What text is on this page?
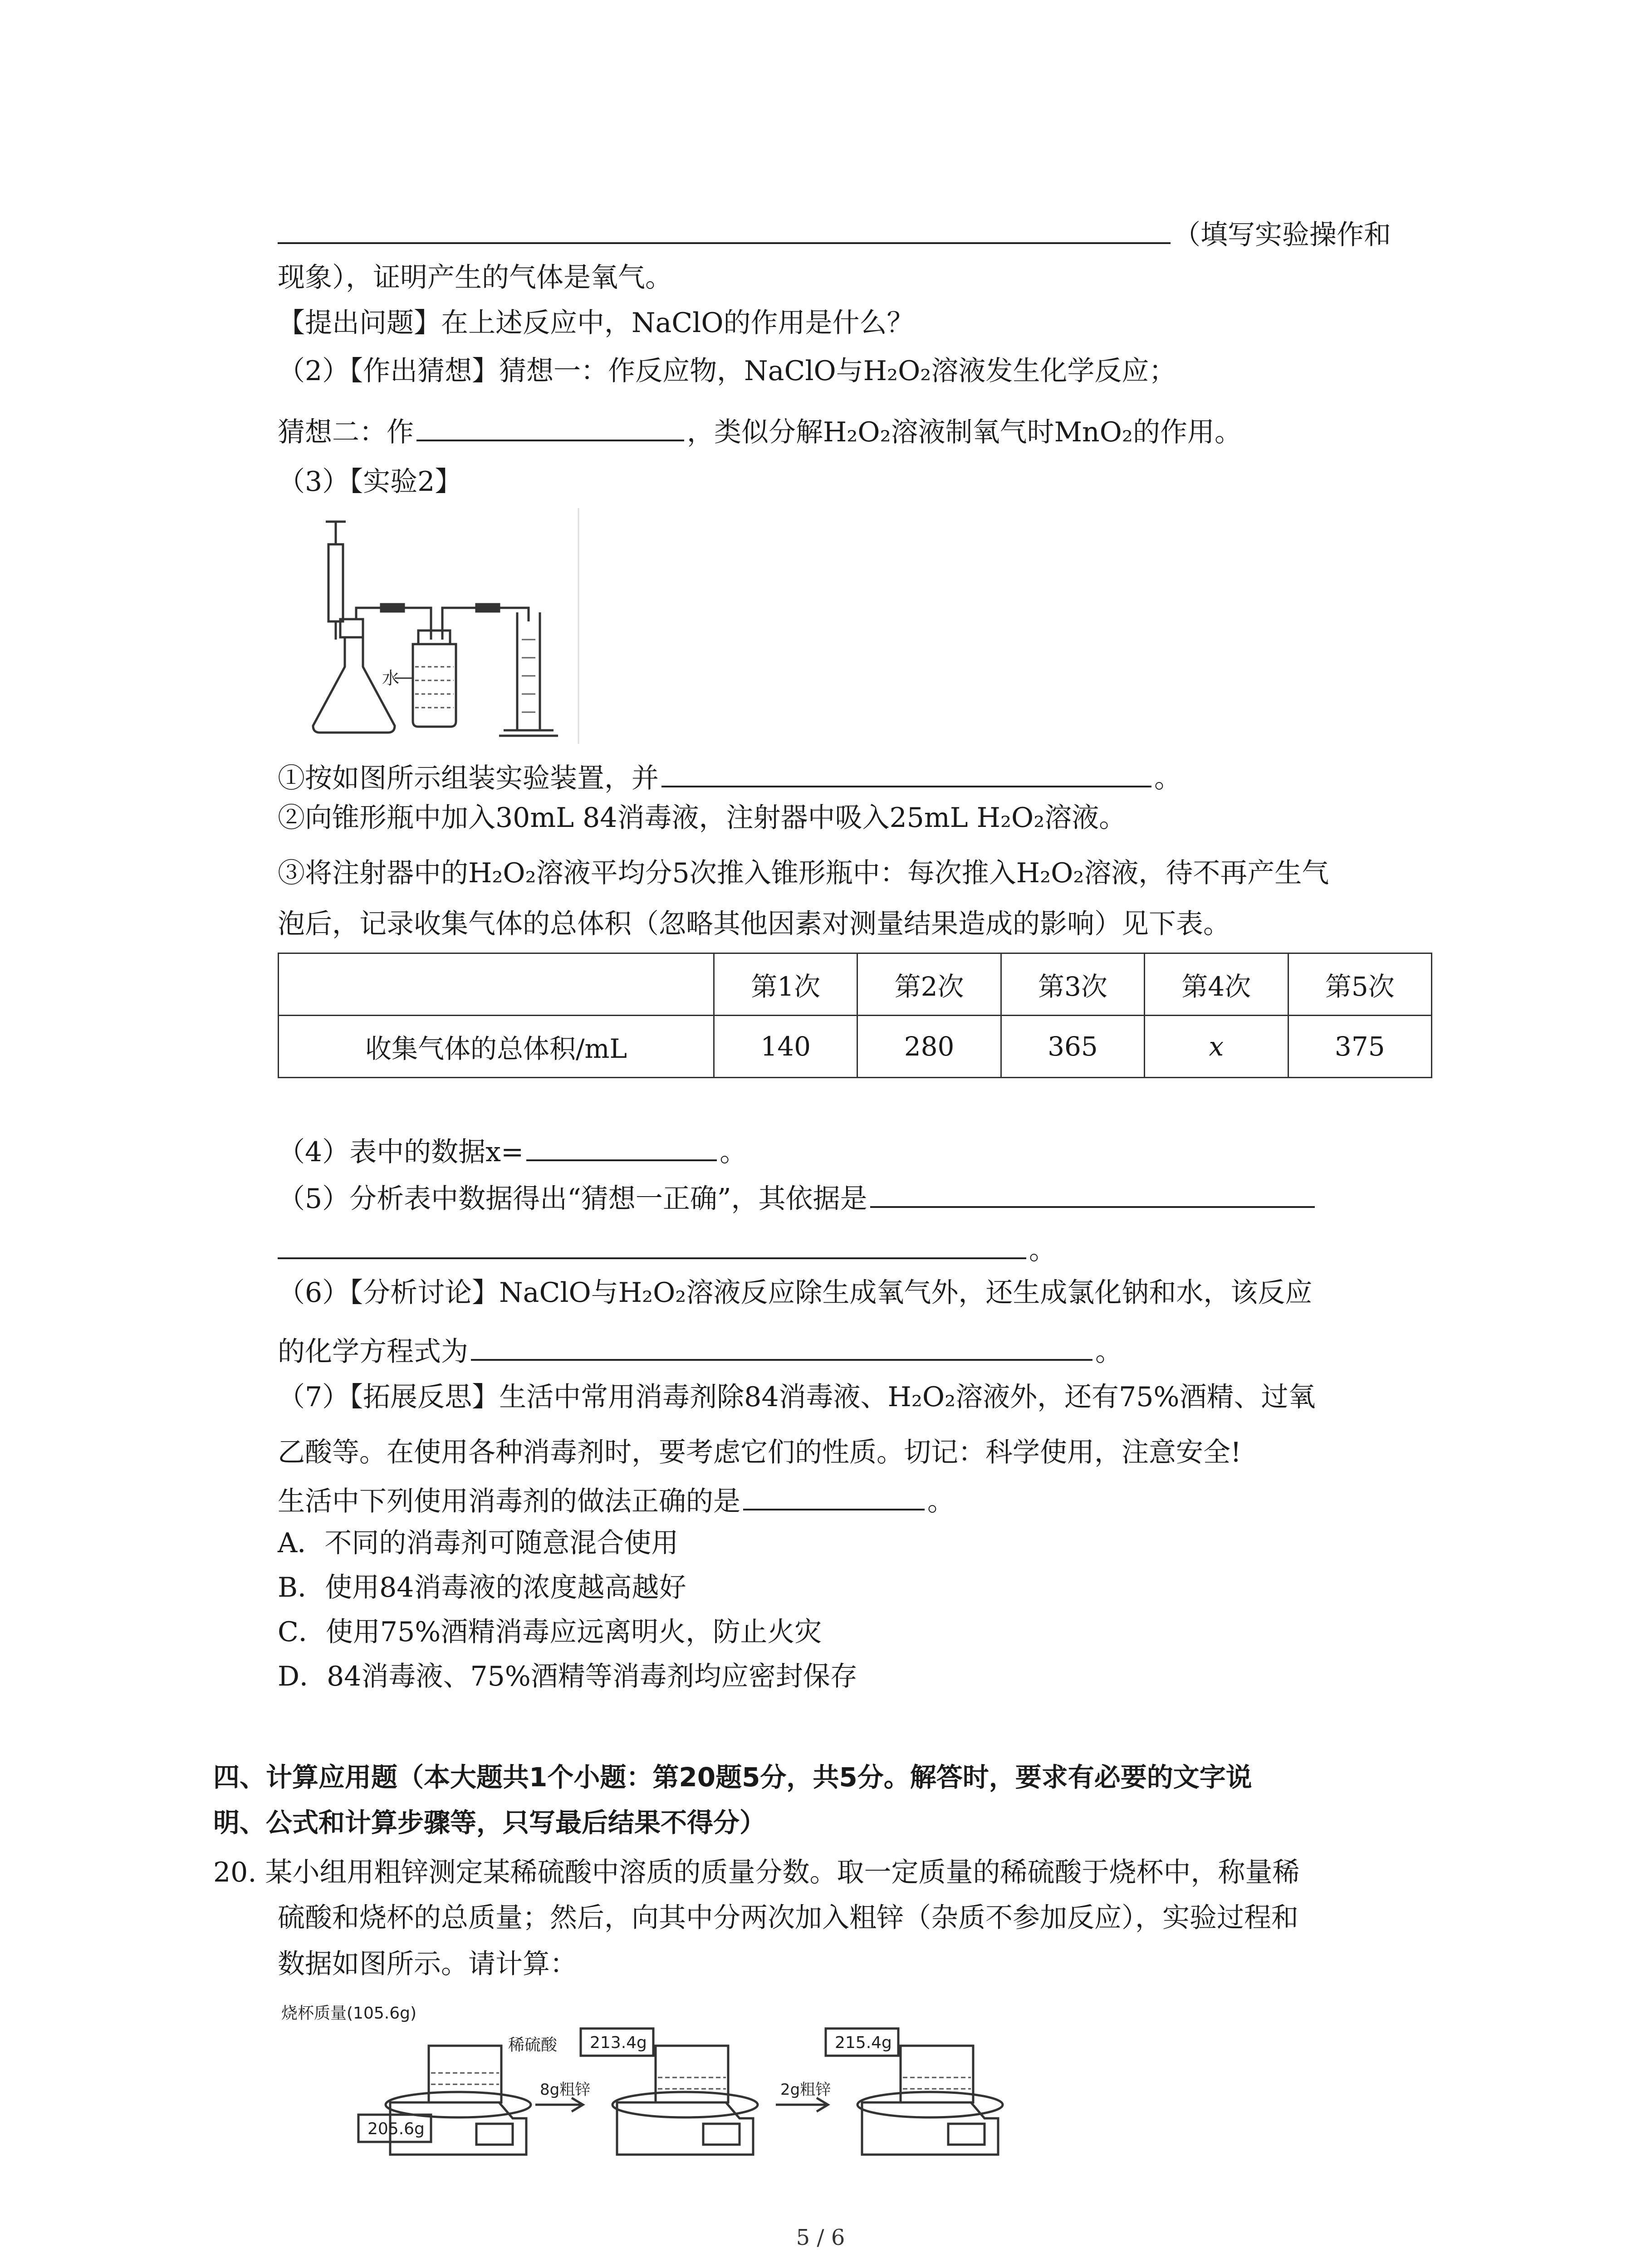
（填写实验操作和
现象），证明产生的气体是氧气。
【提出问题】在上述反应中，NaClO的作用是什么？
（2）【作出猜想】猜想一：作反应物，NaClO与H₂O₂溶液发生化学反应；
猜想二：作	，类似分解H₂O₂溶液制氧气时MnO₂的作用。
（3）【实验2】
水
①按如图所示组装实验装置，并	。
②向锥形瓶中加入30mL 84消毒液，注射器中吸入25mL H₂O₂溶液。
③将注射器中的H₂O₂溶液平均分5次推入锥形瓶中：每次推入H₂O₂溶液，待不再产生气
泡后，记录收集气体的总体积（忽略其他因素对测量结果造成的影响）见下表。
	第1次	第2次	第3次	第4次	第5次
收集气体的总体积/mL	140	280	365	x	375
（4）表中的数据x=	。
（5）分析表中数据得出“猜想一正确”，其依据是
。
（6）【分析讨论】NaClO与H₂O₂溶液反应除生成氧气外，还生成氯化钠和水，该反应
的化学方程式为	。
（7）【拓展反思】生活中常用消毒剂除84消毒液、H₂O₂溶液外，还有75%酒精、过氧
乙酸等。在使用各种消毒剂时，要考虑它们的性质。切记：科学使用，注意安全!
生活中下列使用消毒剂的做法正确的是	。
A．不同的消毒剂可随意混合使用
B．使用84消毒液的浓度越高越好
C．使用75%酒精消毒应远离明火，防止火灾
D．84消毒液、75%酒精等消毒剂均应密封保存
四、计算应用题（本大题共1个小题：第20题5分，共5分。解答时，要求有必要的文字说
明、公式和计算步骤等，只写最后结果不得分）
20. 某小组用粗锌测定某稀硫酸中溶质的质量分数。取一定质量的稀硫酸于烧杯中，称量稀
硫酸和烧杯的总质量；然后，向其中分两次加入粗锌（杂质不参加反应），实验过程和
数据如图所示。请计算：
烧杯质量(105.6g)
稀硫酸
205.6g
8g粗锌
213.4g
2g粗锌
215.4g
5 / 6
